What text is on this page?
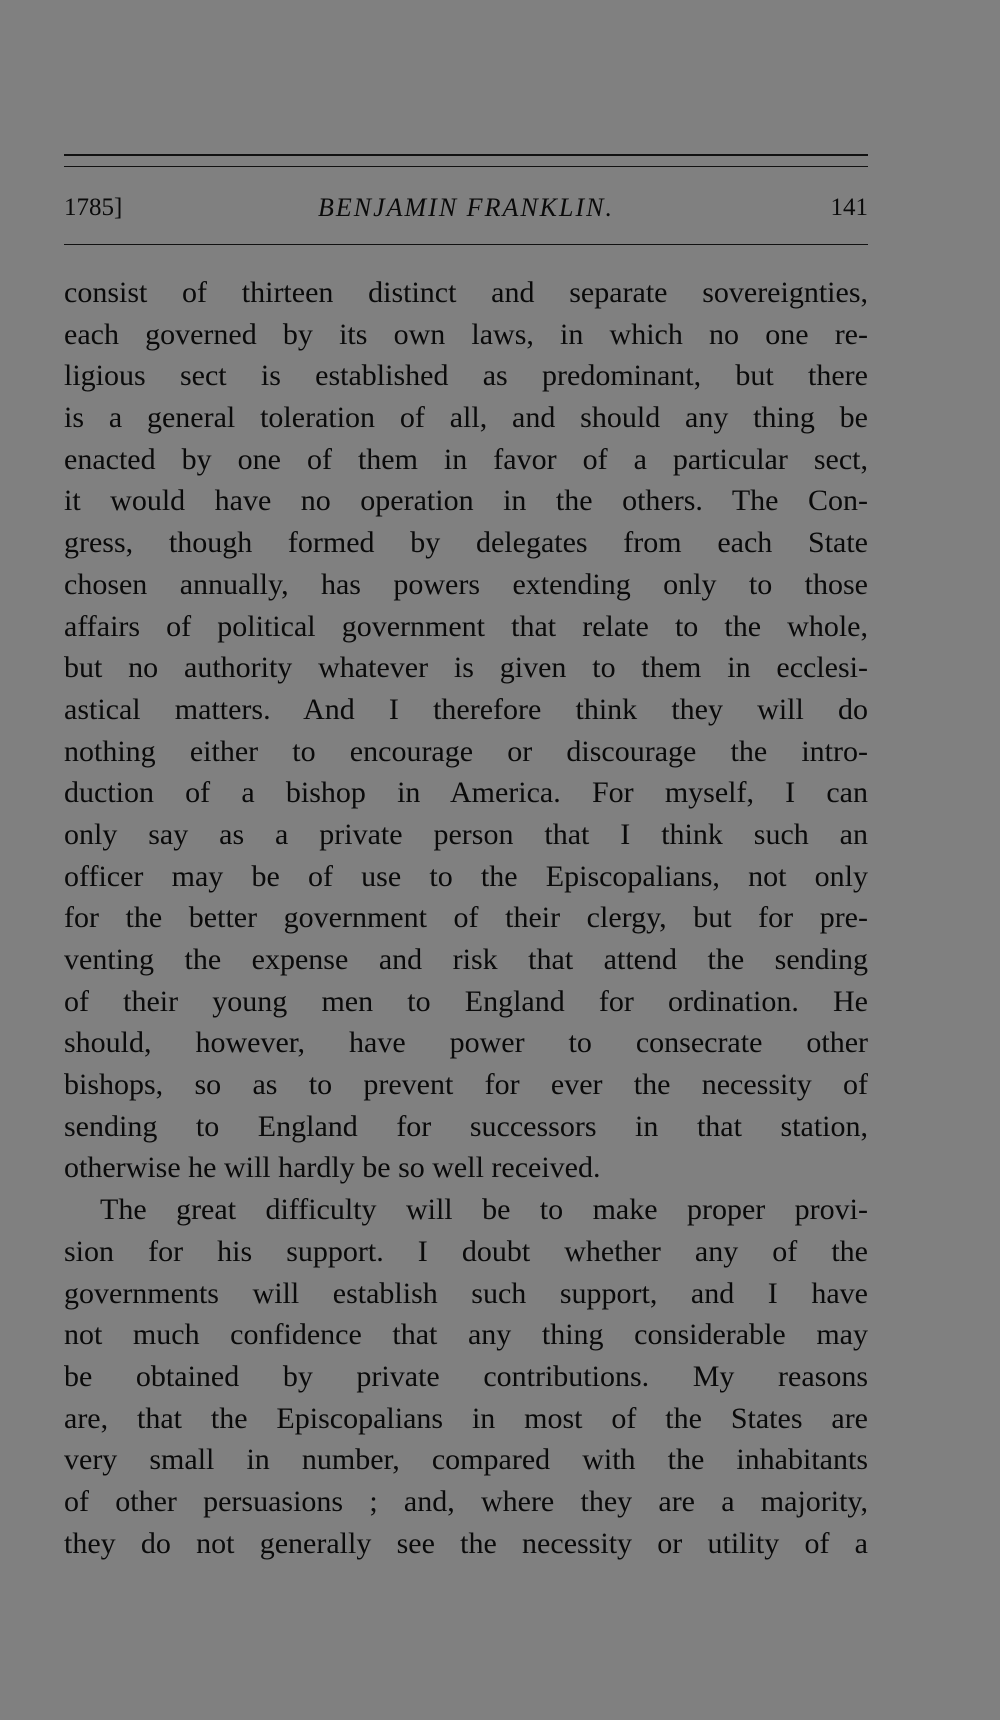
1785]	BENJAMIN FRANKLIN.	141
consist of thirteen distinct and separate sovereignties,
each governed by its own laws, in which no one re-
ligious sect is established as predominant, but there
is a general toleration of all, and should any thing be
enacted by one of them in favor of a particular sect,
it would have no operation in the others. The Con-
gress, though formed by delegates from each State
chosen annually, has powers extending only to those
affairs of political government that relate to the whole,
but no authority whatever is given to them in ecclesi-
astical matters. And I therefore think they will do
nothing either to encourage or discourage the intro-
duction of a bishop in America. For myself, I can
only say as a private person that I think such an
officer may be of use to the Episcopalians, not only
for the better government of their clergy, but for pre-
venting the expense and risk that attend the sending
of their young men to England for ordination. He
should, however, have power to consecrate other
bishops, so as to prevent for ever the necessity of
sending to England for successors in that station,
otherwise he will hardly be so well received.
The great difficulty will be to make proper provi-
sion for his support. I doubt whether any of the
governments will establish such support, and I have
not much confidence that any thing considerable may
be obtained by private contributions. My reasons
are, that the Episcopalians in most of the States are
very small in number, compared with the inhabitants
of other persuasions ; and, where they are a majority,
they do not generally see the necessity or utility of a
